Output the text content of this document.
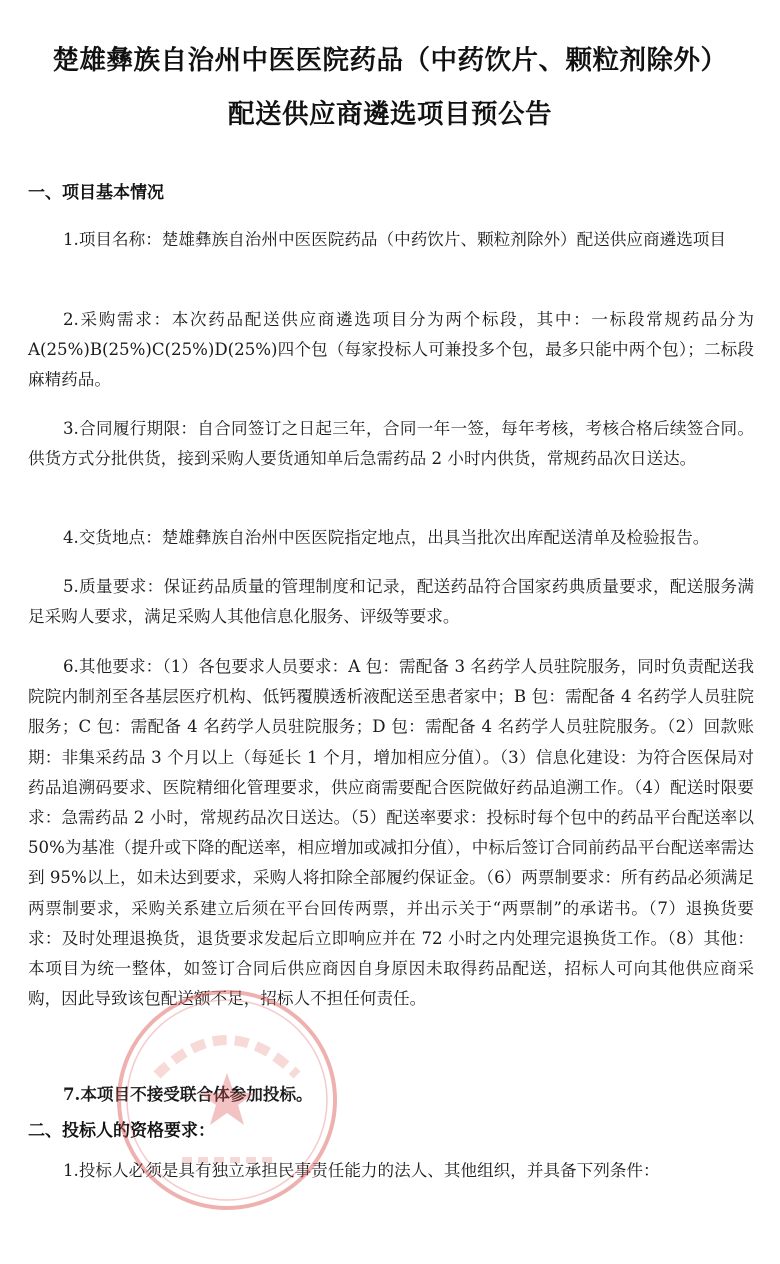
楚雄彝族自治州中医医院药品（中药饮片、颗粒剂除外）
配送供应商遴选项目预公告
一、项目基本情况
1.项目名称：楚雄彝族自治州中医医院药品（中药饮片、颗粒剂除外）配送供应商遴选项目
2.采购需求：本次药品配送供应商遴选项目分为两个标段，其中：一标段常规药品分为A(25%)B(25%)C(25%)D(25%)四个包（每家投标人可兼投多个包，最多只能中两个包）；二标段麻精药品。
3.合同履行期限：自合同签订之日起三年，合同一年一签，每年考核，考核合格后续签合同。供货方式分批供货，接到采购人要货通知单后急需药品 2 小时内供货，常规药品次日送达。
4.交货地点：楚雄彝族自治州中医医院指定地点，出具当批次出库配送清单及检验报告。
5.质量要求：保证药品质量的管理制度和记录，配送药品符合国家药典质量要求，配送服务满足采购人要求，满足采购人其他信息化服务、评级等要求。
6.其他要求：（1）各包要求人员要求：A 包：需配备 3 名药学人员驻院服务，同时负责配送我院院内制剂至各基层医疗机构、低钙覆膜透析液配送至患者家中；B 包：需配备 4 名药学人员驻院服务；C 包：需配备 4 名药学人员驻院服务；D 包：需配备 4 名药学人员驻院服务。（2）回款账期：非集采药品 3 个月以上（每延长 1 个月，增加相应分值）。（3）信息化建设：为符合医保局对药品追溯码要求、医院精细化管理要求，供应商需要配合医院做好药品追溯工作。（4）配送时限要求：急需药品 2 小时，常规药品次日送达。（5）配送率要求：投标时每个包中的药品平台配送率以 50%为基准（提升或下降的配送率，相应增加或减扣分值），中标后签订合同前药品平台配送率需达到 95%以上，如未达到要求，采购人将扣除全部履约保证金。（6）两票制要求：所有药品必须满足两票制要求，采购关系建立后须在平台回传两票，并出示关于“两票制”的承诺书。（7）退换货要求：及时处理退换货，退货要求发起后立即响应并在 72 小时之内处理完退换货工作。（8）其他：本项目为统一整体，如签订合同后供应商因自身原因未取得药品配送，招标人可向其他供应商采购，因此导致该包配送额不足，招标人不担任何责任。
7.本项目不接受联合体参加投标。
二、投标人的资格要求：
1.投标人必须是具有独立承担民事责任能力的法人、其他组织，并具备下列条件：
